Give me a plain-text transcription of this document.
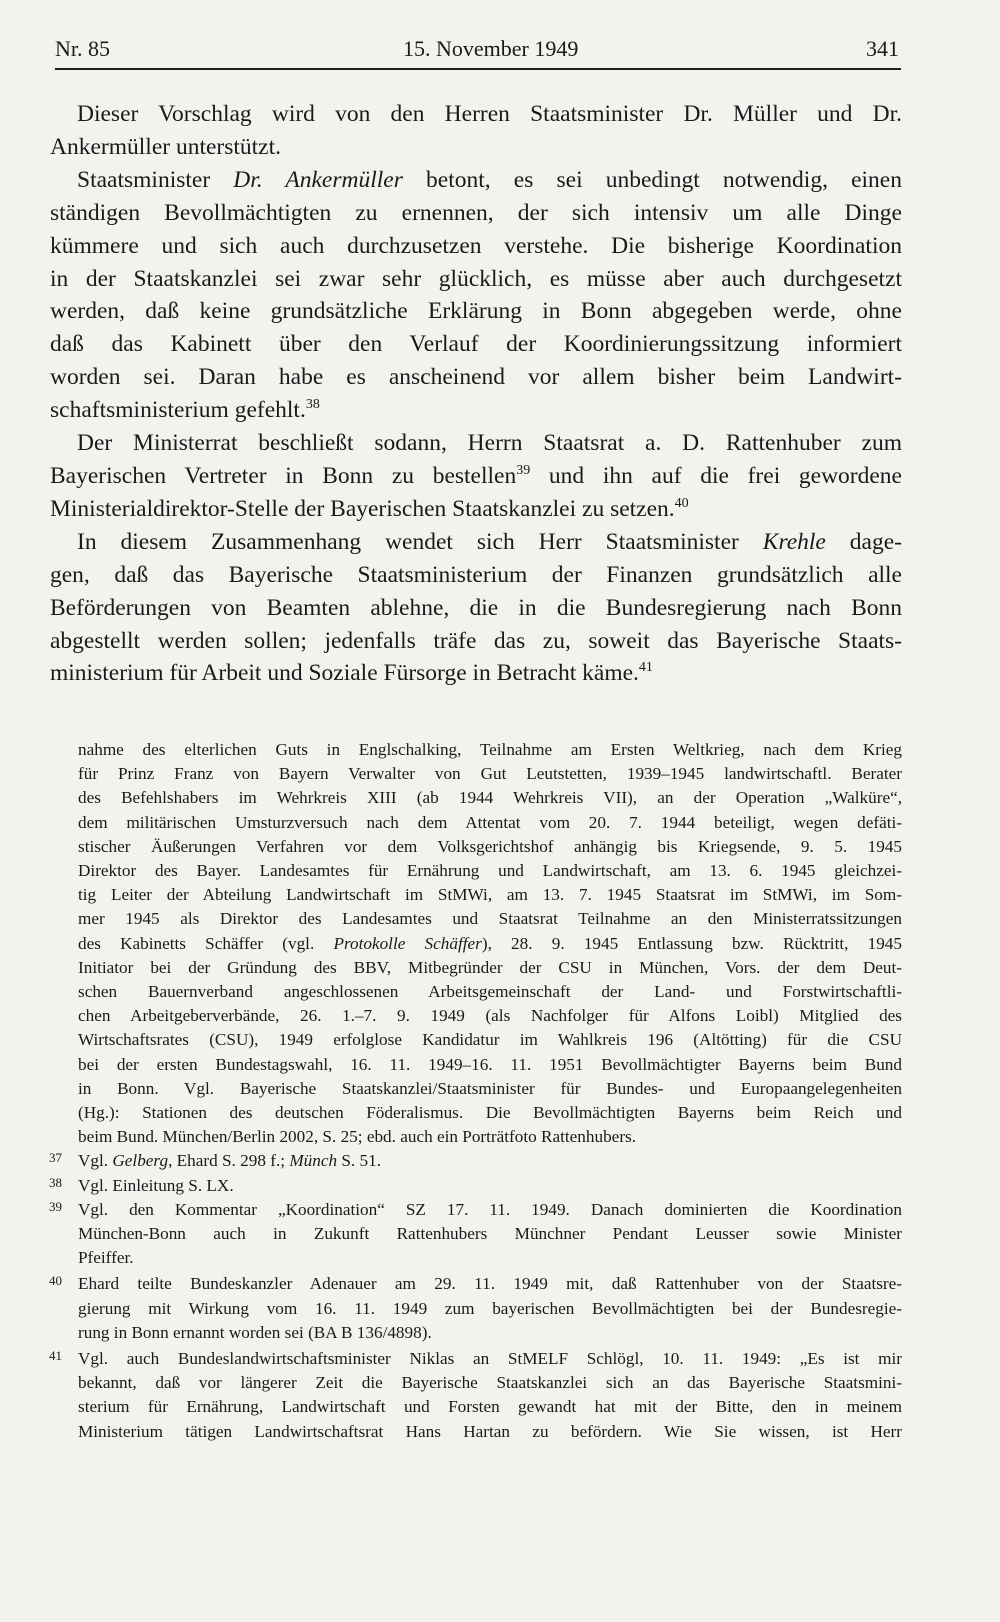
Nr. 85	15. November 1949	341
Dieser Vorschlag wird von den Herren Staatsminister Dr. Müller und Dr.
Ankermüller unterstützt.
Staatsminister Dr. Ankermüller betont, es sei unbedingt notwendig, einen
ständigen Bevollmächtigten zu ernennen, der sich intensiv um alle Dinge
kümmere und sich auch durchzusetzen verstehe. Die bisherige Koordination
in der Staatskanzlei sei zwar sehr glücklich, es müsse aber auch durchgesetzt
werden, daß keine grundsätzliche Erklärung in Bonn abgegeben werde, ohne
daß das Kabinett über den Verlauf der Koordinierungssitzung informiert
worden sei. Daran habe es anscheinend vor allem bisher beim Landwirt-
schaftsministerium gefehlt.$^{38}$
Der Ministerrat beschließt sodann, Herrn Staatsrat a. D. Rattenhuber zum
Bayerischen Vertreter in Bonn zu bestellen$^{39}$ und ihn auf die frei gewordene
Ministerialdirektor-Stelle der Bayerischen Staatskanzlei zu setzen.$^{40}$
In diesem Zusammenhang wendet sich Herr Staatsminister Krehle dage-
gen, daß das Bayerische Staatsministerium der Finanzen grundsätzlich alle
Beförderungen von Beamten ablehne, die in die Bundesregierung nach Bonn
abgestellt werden sollen; jedenfalls träfe das zu, soweit das Bayerische Staats-
ministerium für Arbeit und Soziale Fürsorge in Betracht käme.$^{41}$
nahme des elterlichen Guts in Englschalking, Teilnahme am Ersten Weltkrieg, nach dem Krieg
für Prinz Franz von Bayern Verwalter von Gut Leutstetten, 1939–1945 landwirtschaftl. Berater
des Befehlshabers im Wehrkreis XIII (ab 1944 Wehrkreis VII), an der Operation „Walküre“,
dem militärischen Umsturzversuch nach dem Attentat vom 20. 7. 1944 beteiligt, wegen defäti-
stischer Äußerungen Verfahren vor dem Volksgerichtshof anhängig bis Kriegsende, 9. 5. 1945
Direktor des Bayer. Landesamtes für Ernährung und Landwirtschaft, am 13. 6. 1945 gleichzei-
tig Leiter der Abteilung Landwirtschaft im StMWi, am 13. 7. 1945 Staatsrat im StMWi, im Som-
mer 1945 als Direktor des Landesamtes und Staatsrat Teilnahme an den Ministerratssitzungen
des Kabinetts Schäffer (vgl. Protokolle Schäffer), 28. 9. 1945 Entlassung bzw. Rücktritt, 1945
Initiator bei der Gründung des BBV, Mitbegründer der CSU in München, Vors. der dem Deut-
schen Bauernverband angeschlossenen Arbeitsgemeinschaft der Land- und Forstwirtschaftli-
chen Arbeitgeberverbände, 26. 1.–7. 9. 1949 (als Nachfolger für Alfons Loibl) Mitglied des
Wirtschaftsrates (CSU), 1949 erfolglose Kandidatur im Wahlkreis 196 (Altötting) für die CSU
bei der ersten Bundestagswahl, 16. 11. 1949–16. 11. 1951 Bevollmächtigter Bayerns beim Bund
in Bonn. Vgl. Bayerische Staatskanzlei/Staatsminister für Bundes- und Europaangelegenheiten
(Hg.): Stationen des deutschen Föderalismus. Die Bevollmächtigten Bayerns beim Reich und
beim Bund. München/Berlin 2002, S. 25; ebd. auch ein Porträtfoto Rattenhubers.
37 Vgl. Gelberg, Ehard S. 298 f.; Münch S. 51.
38 Vgl. Einleitung S. LX.
39 Vgl. den Kommentar „Koordination“ SZ 17. 11. 1949. Danach dominierten die Koordination
München-Bonn auch in Zukunft Rattenhubers Münchner Pendant Leusser sowie Minister
Pfeiffer.
40 Ehard teilte Bundeskanzler Adenauer am 29. 11. 1949 mit, daß Rattenhuber von der Staatsre-
gierung mit Wirkung vom 16. 11. 1949 zum bayerischen Bevollmächtigten bei der Bundesregie-
rung in Bonn ernannt worden sei (BA B 136/4898).
41 Vgl. auch Bundeslandwirtschaftsminister Niklas an StMELF Schlögl, 10. 11. 1949: „Es ist mir
bekannt, daß vor längerer Zeit die Bayerische Staatskanzlei sich an das Bayerische Staatsmini-
sterium für Ernährung, Landwirtschaft und Forsten gewandt hat mit der Bitte, den in meinem
Ministerium tätigen Landwirtschaftsrat Hans Hartan zu befördern. Wie Sie wissen, ist Herr
